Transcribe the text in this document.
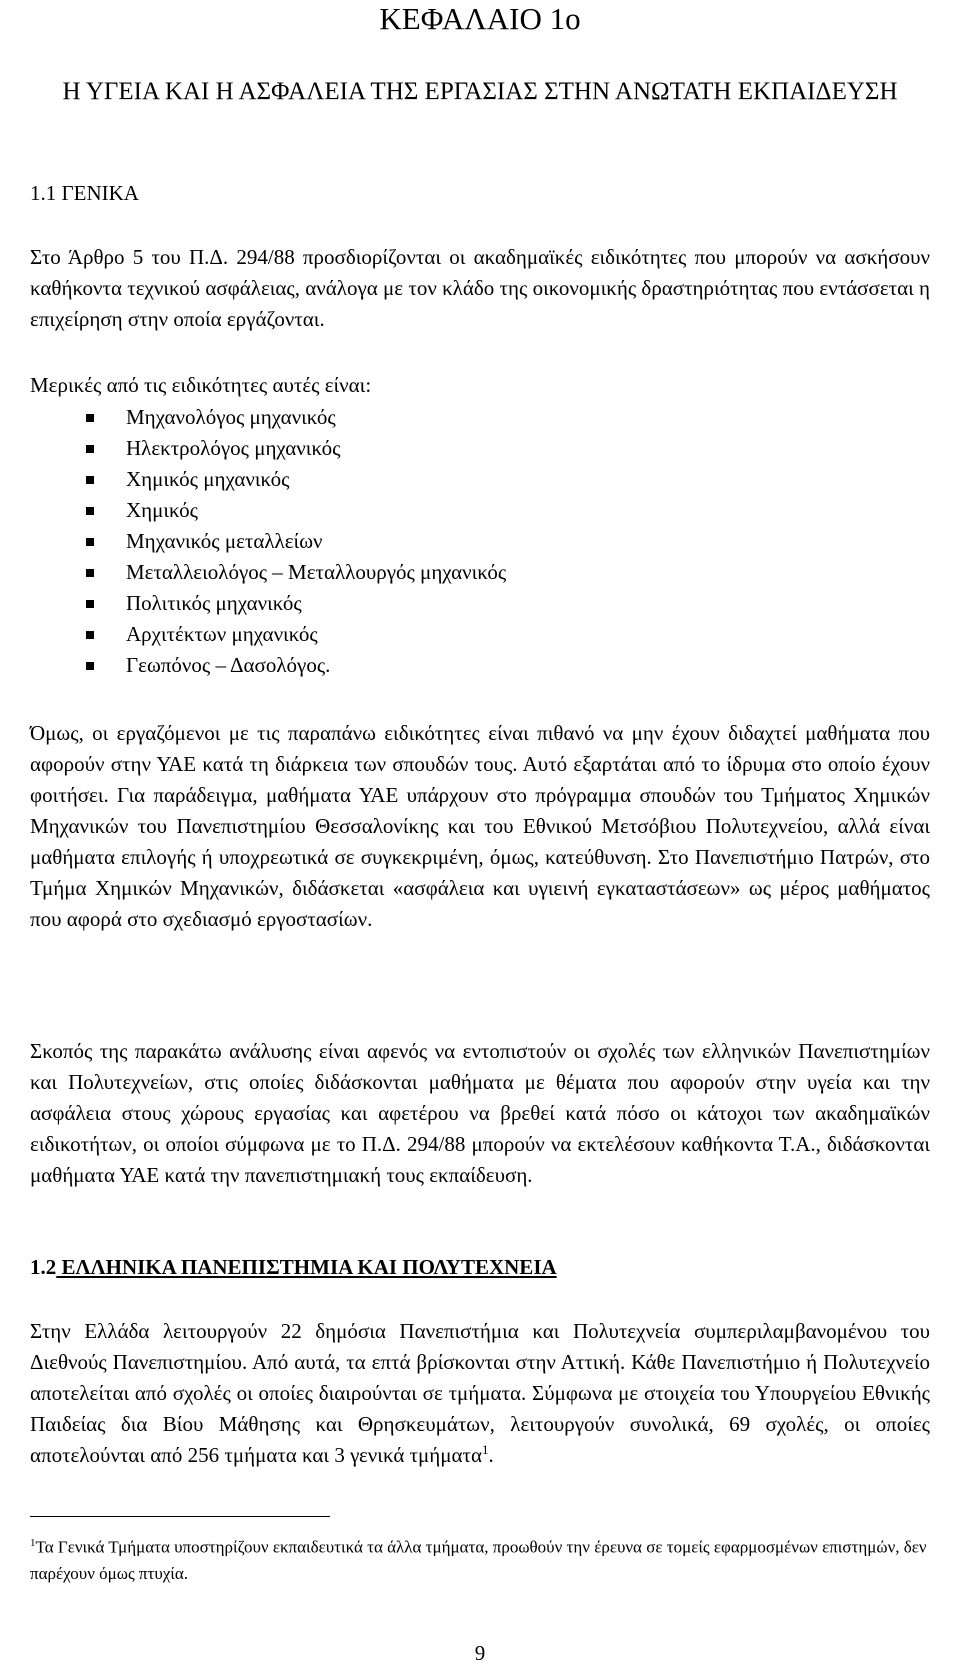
ΚΕΦΑΛΑΙΟ 1ο
Η ΥΓΕΙΑ ΚΑΙ Η ΑΣΦΑΛΕΙΑ ΤΗΣ ΕΡΓΑΣΙΑΣ ΣΤΗΝ ΑΝΩΤΑΤΗ ΕΚΠΑΙΔΕΥΣΗ
1.1 ΓΕΝΙΚΑ

Στο Άρθρο 5 του Π.Δ. 294/88 προσδιορίζονται οι ακαδημαϊκές ειδικότητες που μπορούν να ασκήσουν καθήκοντα τεχνικού ασφάλειας, ανάλογα με τον κλάδο της οικονομικής δραστηριότητας που εντάσσεται η επιχείρηση στην οποία εργάζονται.

Μερικές από τις ειδικότητες αυτές είναι:

Μηχανολόγος μηχανικός
Ηλεκτρολόγος μηχανικός
Χημικός μηχανικός
Χημικός
Μηχανικός μεταλλείων
Μεταλλειολόγος – Μεταλλουργός μηχανικός
Πολιτικός μηχανικός
Αρχιτέκτων μηχανικός
Γεωπόνος – Δασολόγος.

Όμως, οι εργαζόμενοι με τις παραπάνω ειδικότητες είναι πιθανό να μην έχουν διδαχτεί μαθήματα που αφορούν στην ΥΑΕ κατά τη διάρκεια των σπουδών τους. Αυτό εξαρτάται από το ίδρυμα στο οποίο έχουν φοιτήσει. Για παράδειγμα, μαθήματα ΥΑΕ υπάρχουν στο πρόγραμμα σπουδών του Τμήματος Χημικών Μηχανικών του Πανεπιστημίου Θεσσαλονίκης και του Εθνικού Μετσόβιου Πολυτεχνείου, αλλά είναι μαθήματα επιλογής ή υποχρεωτικά σε συγκεκριμένη, όμως, κατεύθυνση. Στο Πανεπιστήμιο Πατρών, στο Τμήμα Χημικών Μηχανικών, διδάσκεται «ασφάλεια και υγιεινή εγκαταστάσεων» ως μέρος μαθήματος που αφορά στο σχεδιασμό εργοστασίων.

Σκοπός της παρακάτω ανάλυσης είναι αφενός να εντοπιστούν οι σχολές των ελληνικών Πανεπιστημίων και Πολυτεχνείων, στις οποίες διδάσκονται μαθήματα με θέματα που αφορούν στην υγεία και την ασφάλεια στους χώρους εργασίας και αφετέρου να βρεθεί κατά πόσο οι κάτοχοι των ακαδημαϊκών ειδικοτήτων, οι οποίοι σύμφωνα με το Π.Δ. 294/88 μπορούν να εκτελέσουν καθήκοντα Τ.Α., διδάσκονται μαθήματα ΥΑΕ κατά την πανεπιστημιακή τους εκπαίδευση.

1.2 ΕΛΛΗΝΙΚΑ ΠΑΝΕΠΙΣΤΗΜΙΑ ΚΑΙ ΠΟΛΥΤΕΧΝΕΙΑ

Στην Ελλάδα λειτουργούν 22 δημόσια Πανεπιστήμια και Πολυτεχνεία συμπεριλαμβανομένου του Διεθνούς Πανεπιστημίου. Από αυτά, τα επτά βρίσκονται στην Αττική. Κάθε Πανεπιστήμιο ή Πολυτεχνείο αποτελείται από σχολές οι οποίες διαιρούνται σε τμήματα. Σύμφωνα με στοιχεία του Υπουργείου Εθνικής Παιδείας δια Βίου Μάθησης και Θρησκευμάτων, λειτουργούν συνολικά, 69 σχολές, οι οποίες αποτελούνται από 256 τμήματα και 3 γενικά τμήματα$^1$.

$^1$Τα Γενικά Τμήματα υποστηρίζουν εκπαιδευτικά τα άλλα τμήματα, προωθούν την έρευνα σε τομείς εφαρμοσμένων επιστημών, δεν παρέχουν όμως πτυχία.

9
